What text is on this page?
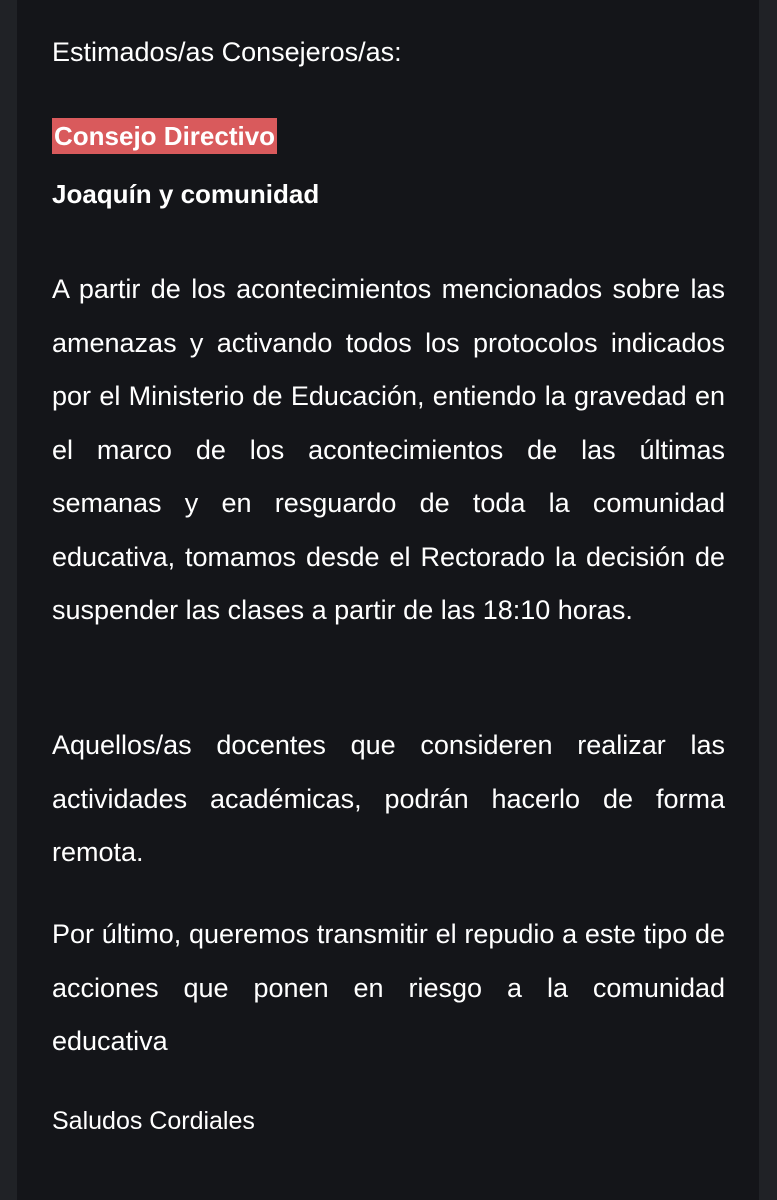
Estimados/as Consejeros/as:
Consejo Directivo
Joaquín y comunidad
A partir de los acontecimientos mencionados sobre las amenazas y activando todos los protocolos indicados por el Ministerio de Educación, entiendo la gravedad en el marco de los acontecimientos de las últimas semanas y en resguardo de toda la comunidad educativa, tomamos desde el Rectorado la decisión de suspender las clases a partir de las 18:10 horas.
Aquellos/as docentes que consideren realizar las actividades académicas, podrán hacerlo de forma remota.
Por último, queremos transmitir el repudio a este tipo de acciones que ponen en riesgo a la comunidad educativa
Saludos Cordiales
